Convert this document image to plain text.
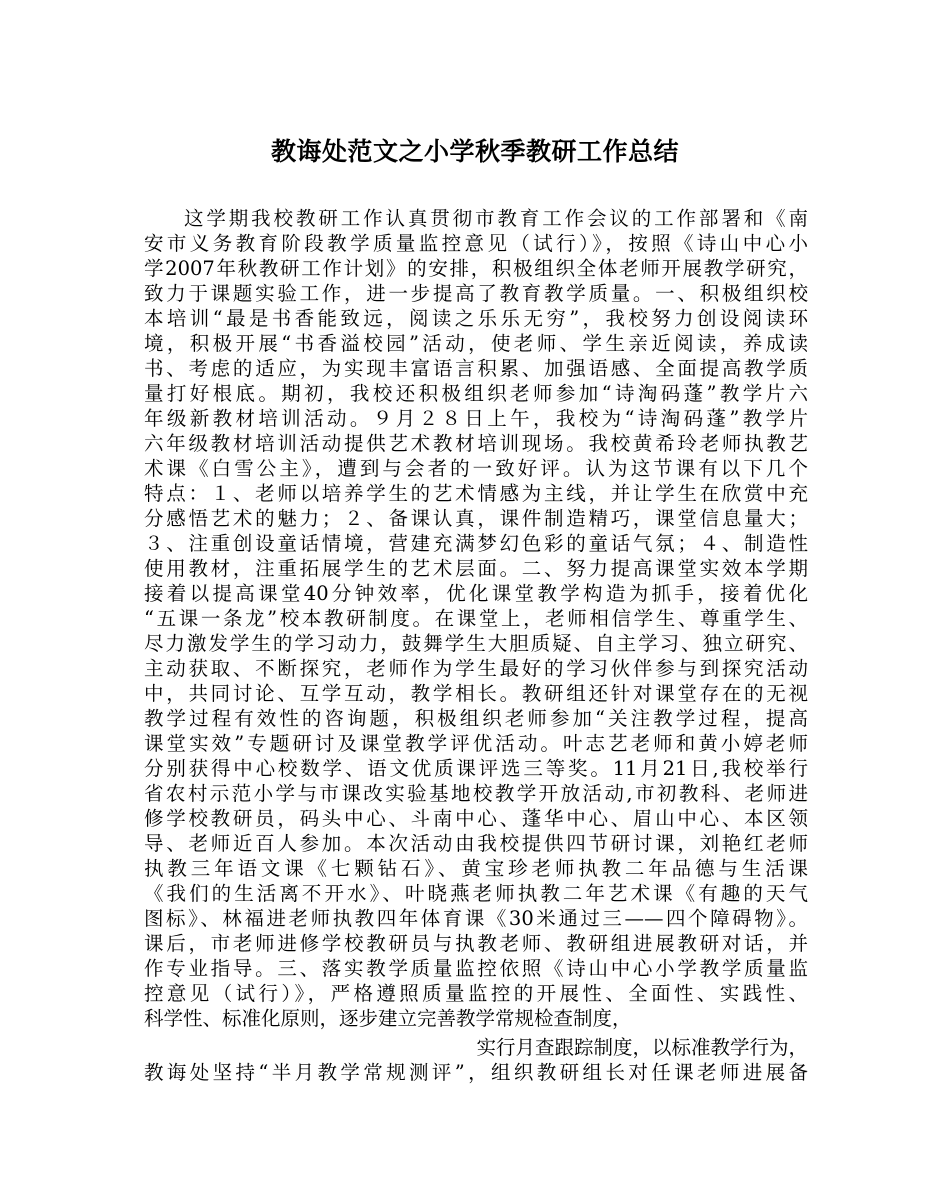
教诲处范文之小学秋季教研工作总结
这学期我校教研工作认真贯彻市教育工作会议的工作部署和《南
安市义务教育阶段教学质量监控意见（试行）》，按照《诗山中心小
学2007年秋教研工作计划》的安排，积极组织全体老师开展教学研究，
致力于课题实验工作，进一步提高了教育教学质量。一、积极组织校
本培训“最是书香能致远，阅读之乐乐无穷”，我校努力创设阅读环
境，积极开展“书香溢校园”活动，使老师、学生亲近阅读，养成读
书、考虑的适应，为实现丰富语言积累、加强语感、全面提高教学质
量打好根底。期初，我校还积极组织老师参加“诗淘码蓬”教学片六
年级新教材培训活动。９月２８日上午，我校为“诗淘码蓬”教学片
六年级教材培训活动提供艺术教材培训现场。我校黄希玲老师执教艺
术课《白雪公主》，遭到与会者的一致好评。认为这节课有以下几个
特点：１、老师以培养学生的艺术情感为主线，并让学生在欣赏中充
分感悟艺术的魅力；２、备课认真，课件制造精巧，课堂信息量大；
３、注重创设童话情境，营建充满梦幻色彩的童话气氛；４、制造性
使用教材，注重拓展学生的艺术层面。二、努力提高课堂实效本学期
接着以提高课堂40分钟效率，优化课堂教学构造为抓手，接着优化
“五课一条龙”校本教研制度。在课堂上，老师相信学生、尊重学生、
尽力激发学生的学习动力，鼓舞学生大胆质疑、自主学习、独立研究、
主动获取、不断探究，老师作为学生最好的学习伙伴参与到探究活动
中，共同讨论、互学互动，教学相长。教研组还针对课堂存在的无视
教学过程有效性的咨询题，积极组织老师参加“关注教学过程，提高
课堂实效”专题研讨及课堂教学评优活动。叶志艺老师和黄小婷老师
分别获得中心校数学、语文优质课评选三等奖。11月21日,我校举行
省农村示范小学与市课改实验基地校教学开放活动,市初教科、老师进
修学校教研员，码头中心、斗南中心、蓬华中心、眉山中心、本区领
导、老师近百人参加。本次活动由我校提供四节研讨课，刘艳红老师
执教三年语文课《七颗钻石》、黄宝珍老师执教二年品德与生活课
《我们的生活离不开水》、叶晓燕老师执教二年艺术课《有趣的天气
图标》、林福进老师执教四年体育课《30米通过三——四个障碍物》。
课后，市老师进修学校教研员与执教老师、教研组进展教研对话，并
作专业指导。三、落实教学质量监控依照《诗山中心小学教学质量监
控意见（试行）》，严格遵照质量监控的开展性、全面性、实践性、
科学性、标准化原则，逐步建立完善教学常规检查制度，
实行月查跟踪制度，以标准教学行为，
教诲处坚持“半月教学常规测评”，组织教研组长对任课老师进展备
